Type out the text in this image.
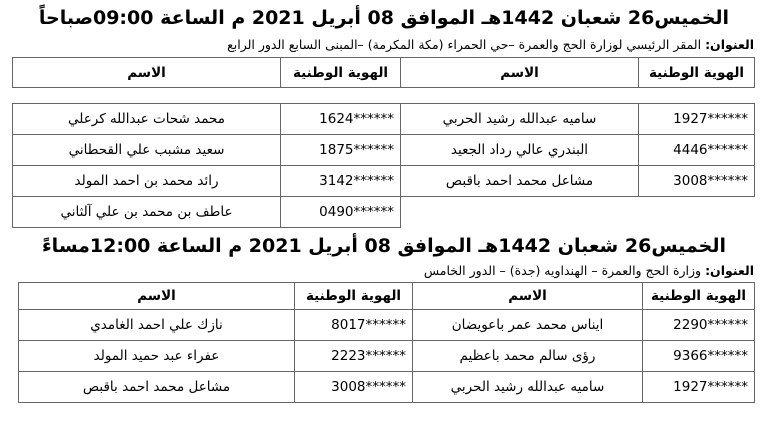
الخميس26 شعبان 1442هـ الموافق 08 أبريل 2021 م الساعة 09:00صباحاً
العنوان: المقر الرئيسي لوزارة الحج والعمرة –حي الحمراء (مكة المكرمة) –المبنى السابع الدور الرابع
الهوية الوطنية	الاسم	الهوية الوطنية	الاسم

1927******	ساميه عبدالله رشيد الحربي	1624******	محمد شحات عبدالله كرعلي
4446******	البندري عالي رداد الجعيد	1875******	سعيد مشبب علي القحطاني
3008******	مشاعل محمد احمد باقبص	3142******	رائد محمد بن احمد المولد
		0490******	عاطف بن محمد بن علي آلثاني
الخميس26 شعبان 1442هـ الموافق 08 أبريل 2021 م الساعة 12:00مساءً
العنوان: وزارة الحج والعمرة – الهنداويه (جدة) – الدور الخامس
الهوية الوطنية	الاسم	الهوية الوطنية	الاسم
2290******	ايناس محمد عمر باعويضان	8017******	نازك علي احمد الغامدي
9366******	رؤى سالم محمد باعظيم	2223******	عفراء عبد حميد المولد
1927******	ساميه عبدالله رشيد الحربي	3008******	مشاعل محمد احمد باقبص
